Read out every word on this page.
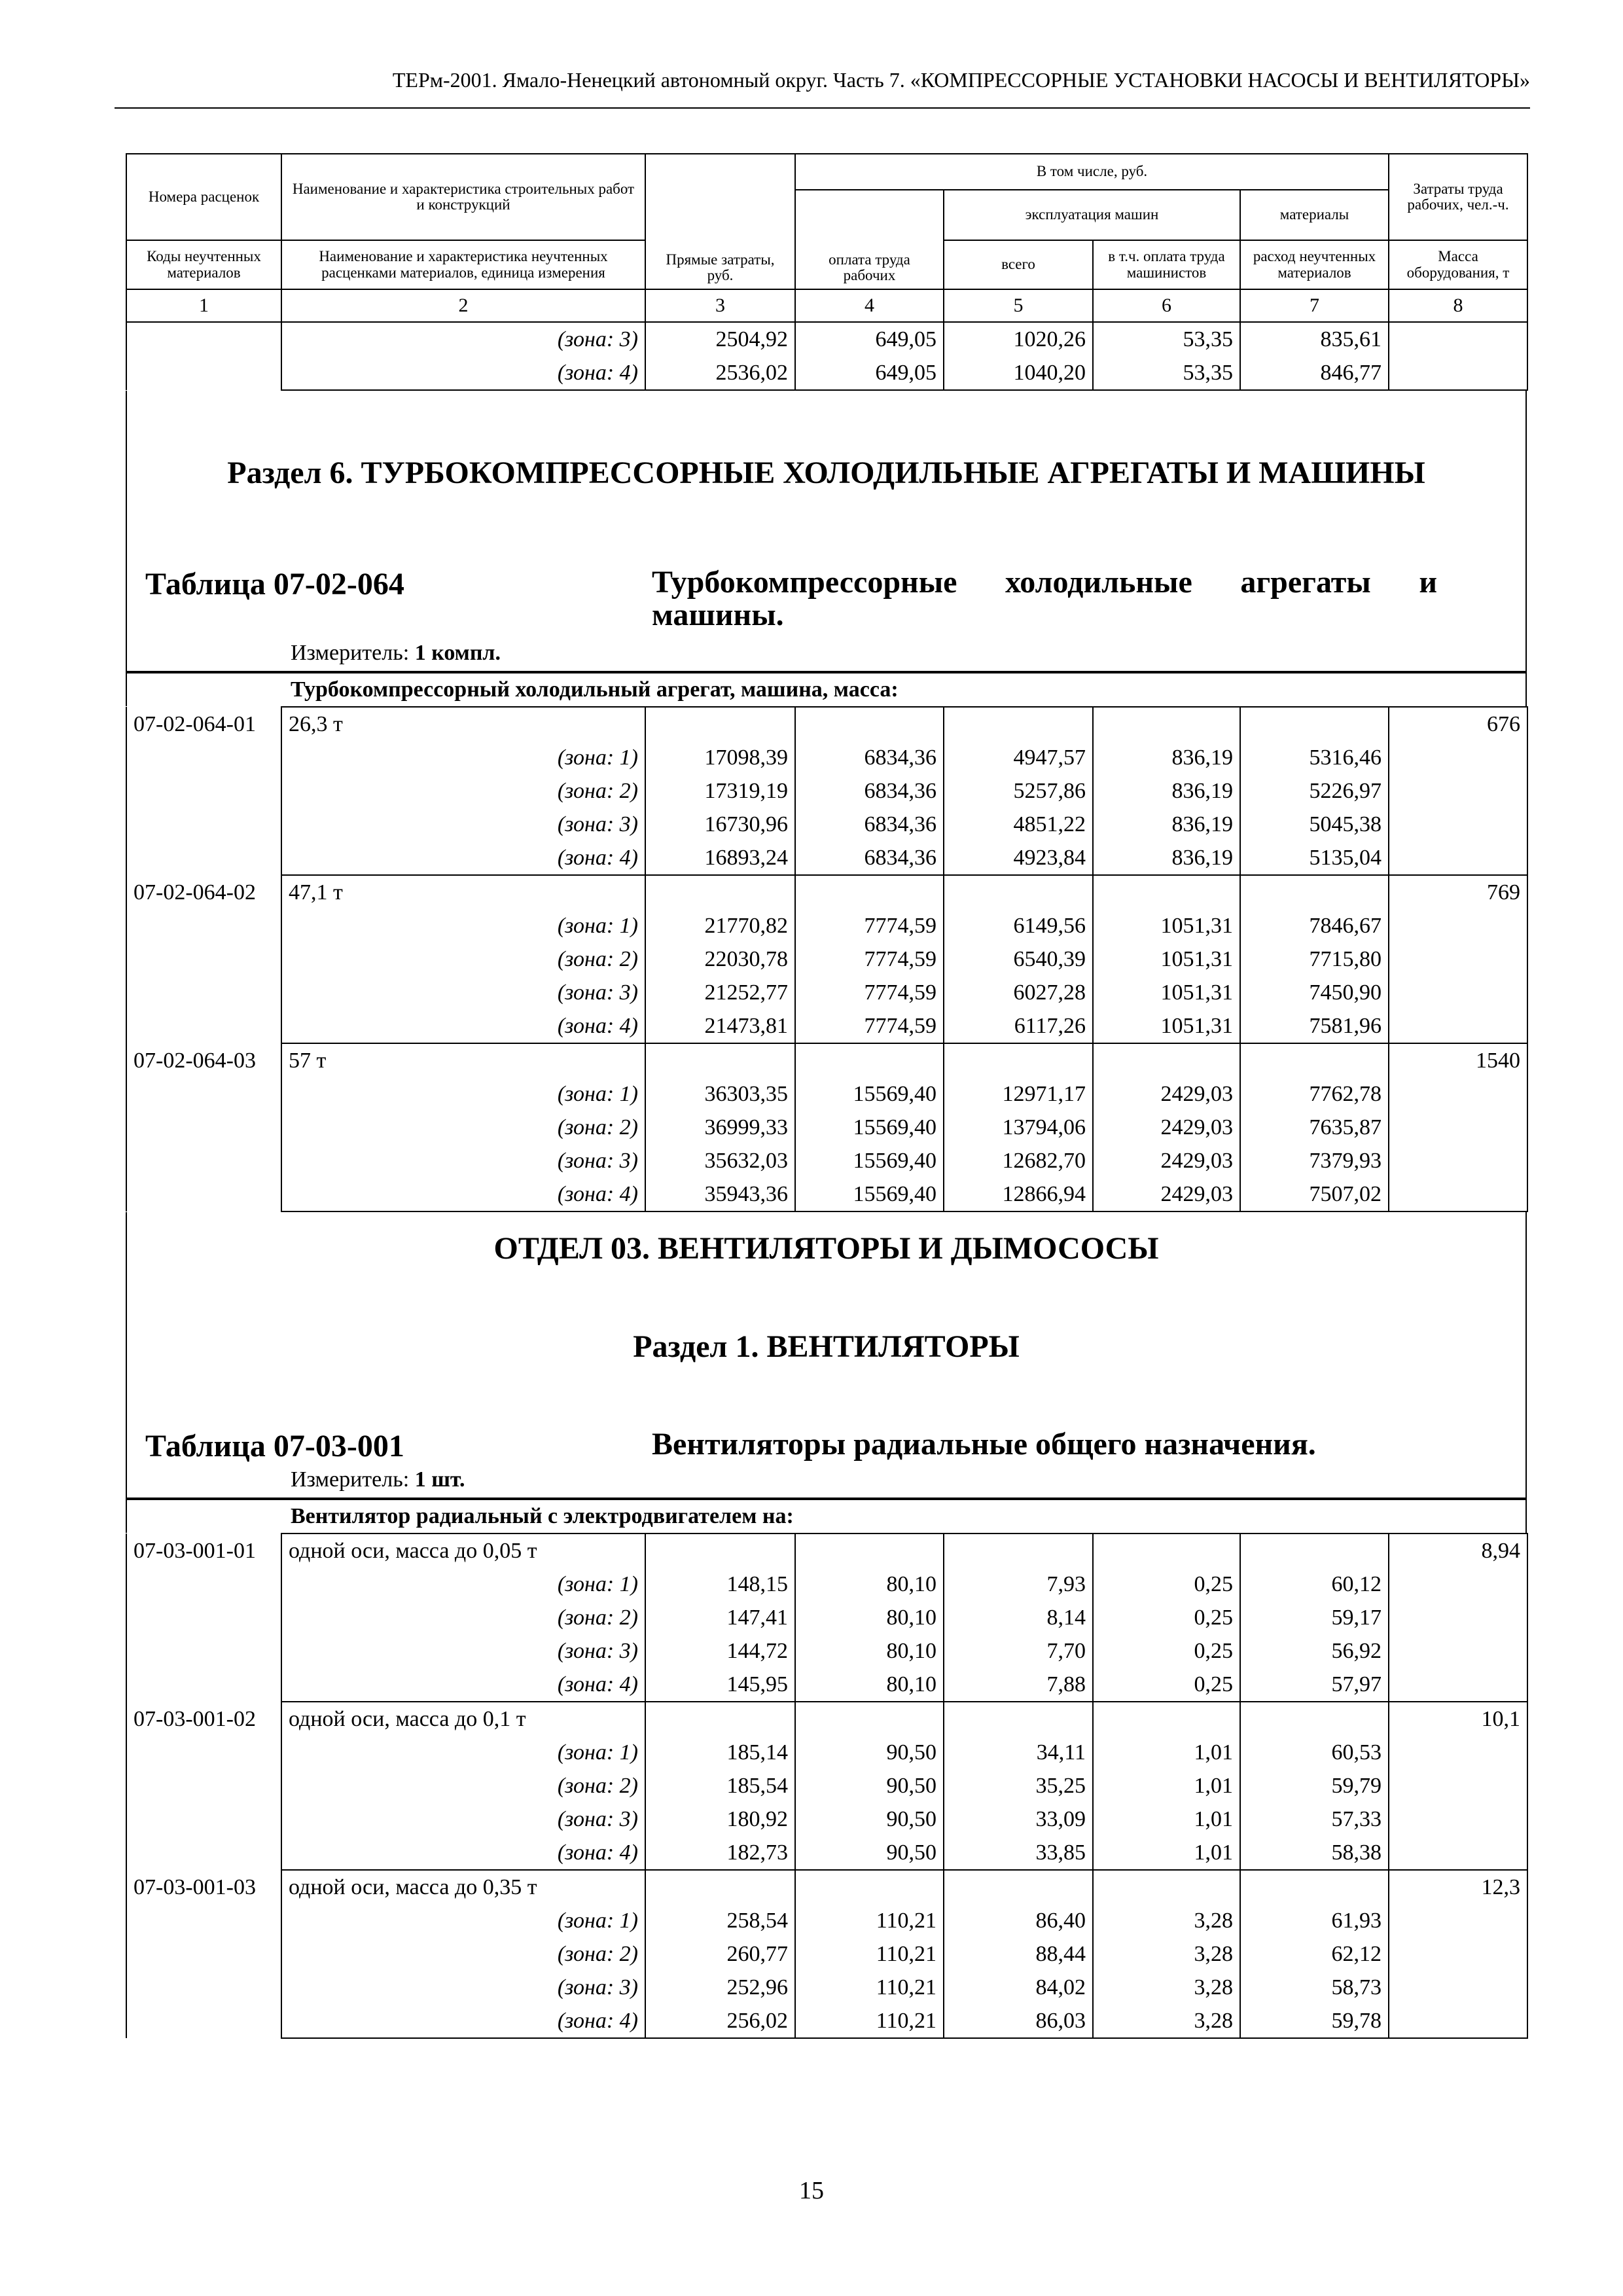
ТЕРм-2001. Ямало-Ненецкий автономный округ. Часть 7. «КОМПРЕССОРНЫЕ УСТАНОВКИ НАСОСЫ И ВЕНТИЛЯТОРЫ»
Номера расценок	Наименование и характеристика строительных работ и конструкций	Прямые затраты, руб.	В том числе, руб.				Затраты труда рабочих, чел.-ч.
			оплата труда рабочих	эксплуатация машин		материалы	
Коды неучтенных материалов	Наименование и характеристика неучтенных расценками материалов, единица измерения			всего	в т.ч. оплата труда машинистов	расход неучтенных материалов	Масса оборудования, т
1	2	3	4	5	6	7	8
	(зона: 3)	2504,92	649,05	1020,26	53,35	835,61	
	(зона: 4)	2536,02	649,05	1040,20	53,35	846,77	
Раздел 6. ТУРБОКОМПРЕССОРНЫЕ ХОЛОДИЛЬНЫЕ АГРЕГАТЫ И МАШИНЫ
Таблица 07-02-064	Турбокомпрессорные холодильные агрегаты и машины.
Измеритель: 1 компл.
Турбокомпрессорный холодильный агрегат, машина, масса:
07-02-064-01	26,3 т						676
	(зона: 1)	17098,39	6834,36	4947,57	836,19	5316,46	
	(зона: 2)	17319,19	6834,36	5257,86	836,19	5226,97	
	(зона: 3)	16730,96	6834,36	4851,22	836,19	5045,38	
	(зона: 4)	16893,24	6834,36	4923,84	836,19	5135,04	
07-02-064-02	47,1 т						769
	(зона: 1)	21770,82	7774,59	6149,56	1051,31	7846,67	
	(зона: 2)	22030,78	7774,59	6540,39	1051,31	7715,80	
	(зона: 3)	21252,77	7774,59	6027,28	1051,31	7450,90	
	(зона: 4)	21473,81	7774,59	6117,26	1051,31	7581,96	
07-02-064-03	57 т						1540
	(зона: 1)	36303,35	15569,40	12971,17	2429,03	7762,78	
	(зона: 2)	36999,33	15569,40	13794,06	2429,03	7635,87	
	(зона: 3)	35632,03	15569,40	12682,70	2429,03	7379,93	
	(зона: 4)	35943,36	15569,40	12866,94	2429,03	7507,02	
ОТДЕЛ 03. ВЕНТИЛЯТОРЫ И ДЫМОСОСЫ
Раздел 1. ВЕНТИЛЯТОРЫ
Таблица 07-03-001	Вентиляторы радиальные общего назначения.
Измеритель: 1 шт.
Вентилятор радиальный с электродвигателем на:
07-03-001-01	одной оси, масса до 0,05 т						8,94
	(зона: 1)	148,15	80,10	7,93	0,25	60,12	
	(зона: 2)	147,41	80,10	8,14	0,25	59,17	
	(зона: 3)	144,72	80,10	7,70	0,25	56,92	
	(зона: 4)	145,95	80,10	7,88	0,25	57,97	
07-03-001-02	одной оси, масса до 0,1 т						10,1
	(зона: 1)	185,14	90,50	34,11	1,01	60,53	
	(зона: 2)	185,54	90,50	35,25	1,01	59,79	
	(зона: 3)	180,92	90,50	33,09	1,01	57,33	
	(зона: 4)	182,73	90,50	33,85	1,01	58,38	
07-03-001-03	одной оси, масса до 0,35 т						12,3
	(зона: 1)	258,54	110,21	86,40	3,28	61,93	
	(зона: 2)	260,77	110,21	88,44	3,28	62,12	
	(зона: 3)	252,96	110,21	84,02	3,28	58,73	
	(зона: 4)	256,02	110,21	86,03	3,28	59,78	
15
